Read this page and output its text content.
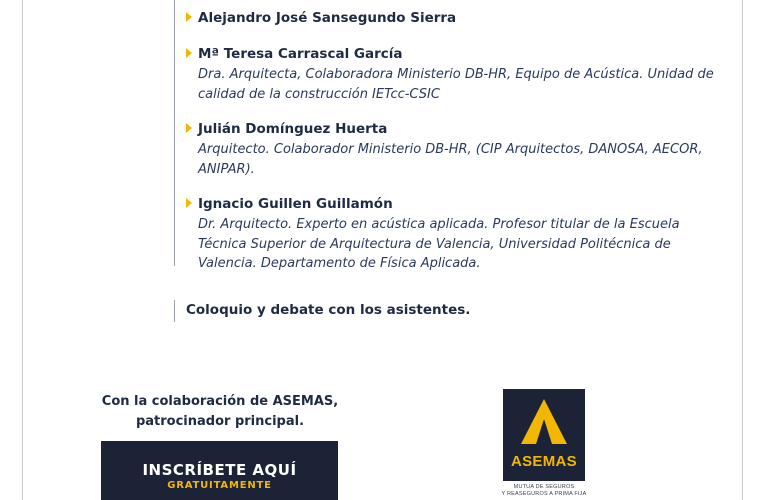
Alejandro José Sansegundo Sierra
Mª Teresa Carrascal García
Dra. Arquitecta, Colaboradora Ministerio DB-HR, Equipo de Acústica. Unidad de calidad de la construcción IETcc-CSIC
Julián Domínguez Huerta
Arquitecto. Colaborador Ministerio DB-HR, (CIP Arquitectos, DANOSA, AECOR, ANIPAR).
Ignacio Guillen Guillamón
Dr. Arquitecto. Experto en acústica aplicada. Profesor titular de la Escuela Técnica Superior de Arquitectura de Valencia, Universidad Politécnica de Valencia. Departamento de Física Aplicada.
Coloquio y debate con los asistentes.
Con la colaboración de ASEMAS,
patrocinador principal.
INSCRÍBETE AQUÍ
GRATUITAMENTE
ASEMAS
MUTUA DE SEGUROS
Y REASEGUROS A PRIMA FIJA
